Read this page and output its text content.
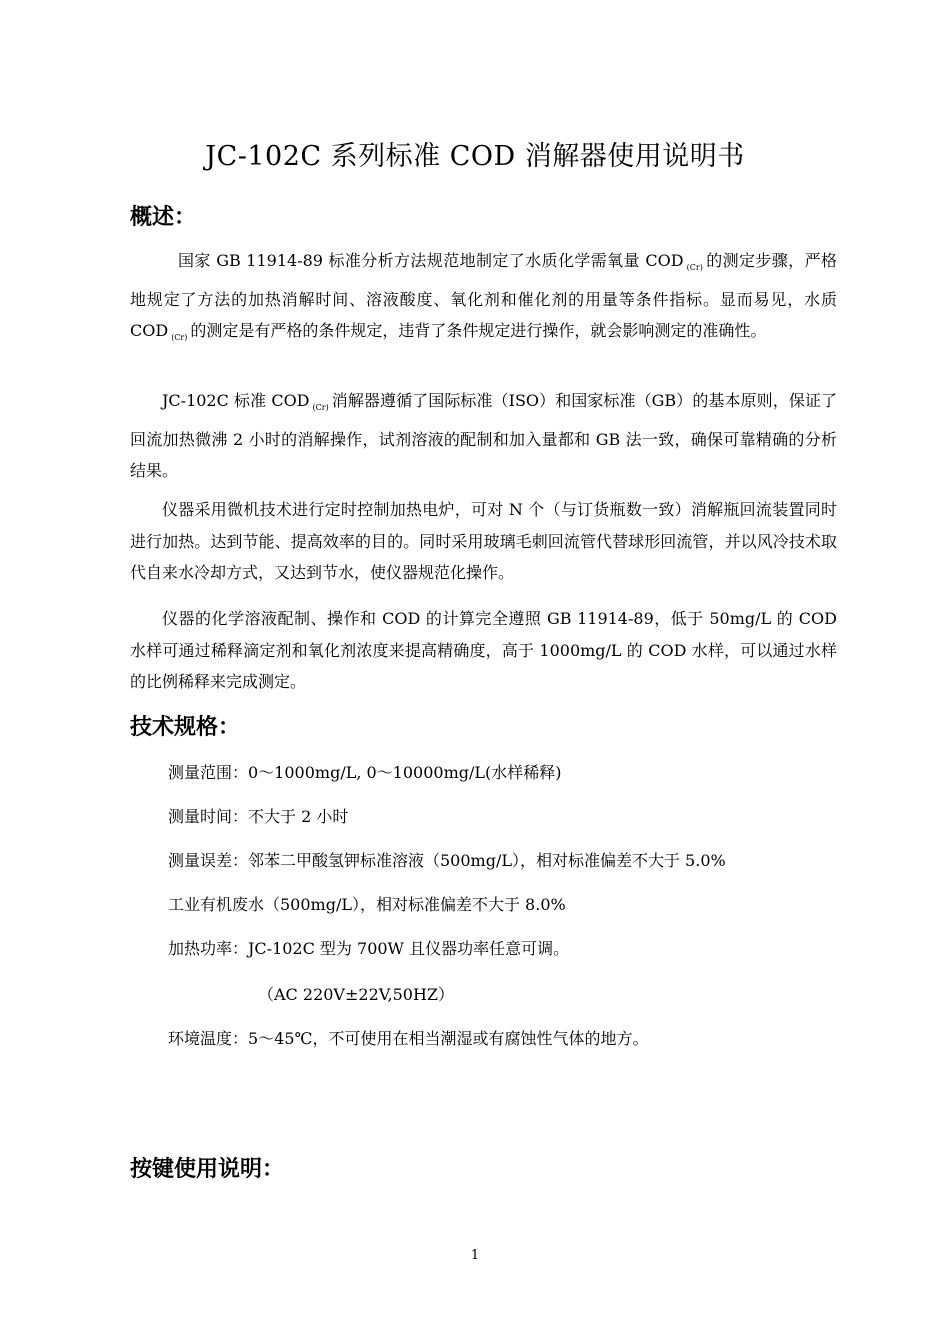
JC-102C 系列标准 COD 消解器使用说明书
概述：
国家 GB 11914-89 标准分析方法规范地制定了水质化学需氧量 COD $_{(Cr)}$ 的测定步骤，严格地规定了方法的加热消解时间、溶液酸度、氧化剂和催化剂的用量等条件指标。显而易见，水质 COD $_{(Cr)}$ 的测定是有严格的条件规定，违背了条件规定进行操作，就会影响测定的准确性。
JC-102C 标准 COD $_{(Cr)}$ 消解器遵循了国际标准（ISO）和国家标准（GB）的基本原则，保证了回流加热微沸 2 小时的消解操作，试剂溶液的配制和加入量都和 GB 法一致，确保可靠精确的分析结果。
仪器采用微机技术进行定时控制加热电炉，可对 N 个（与订货瓶数一致）消解瓶回流装置同时进行加热。达到节能、提高效率的目的。同时采用玻璃毛刺回流管代替球形回流管，并以风冷技术取代自来水冷却方式，又达到节水，使仪器规范化操作。
仪器的化学溶液配制、操作和 COD 的计算完全遵照 GB 11914-89，低于 50mg/L 的 COD 水样可通过稀释滴定剂和氧化剂浓度来提高精确度，高于 1000mg/L 的 COD 水样，可以通过水样的比例稀释来完成测定。
技术规格：
测量范围：0～1000mg/L, 0～10000mg/L(水样稀释)
测量时间：不大于 2 小时
测量误差：邻苯二甲酸氢钾标准溶液（500mg/L），相对标准偏差不大于 5.0%
工业有机废水（500mg/L），相对标准偏差不大于 8.0%
加热功率：JC-102C 型为 700W 且仪器功率任意可调。
（AC 220V±22V,50HZ）
环境温度：5～45℃，不可使用在相当潮湿或有腐蚀性气体的地方。
按键使用说明：
1
